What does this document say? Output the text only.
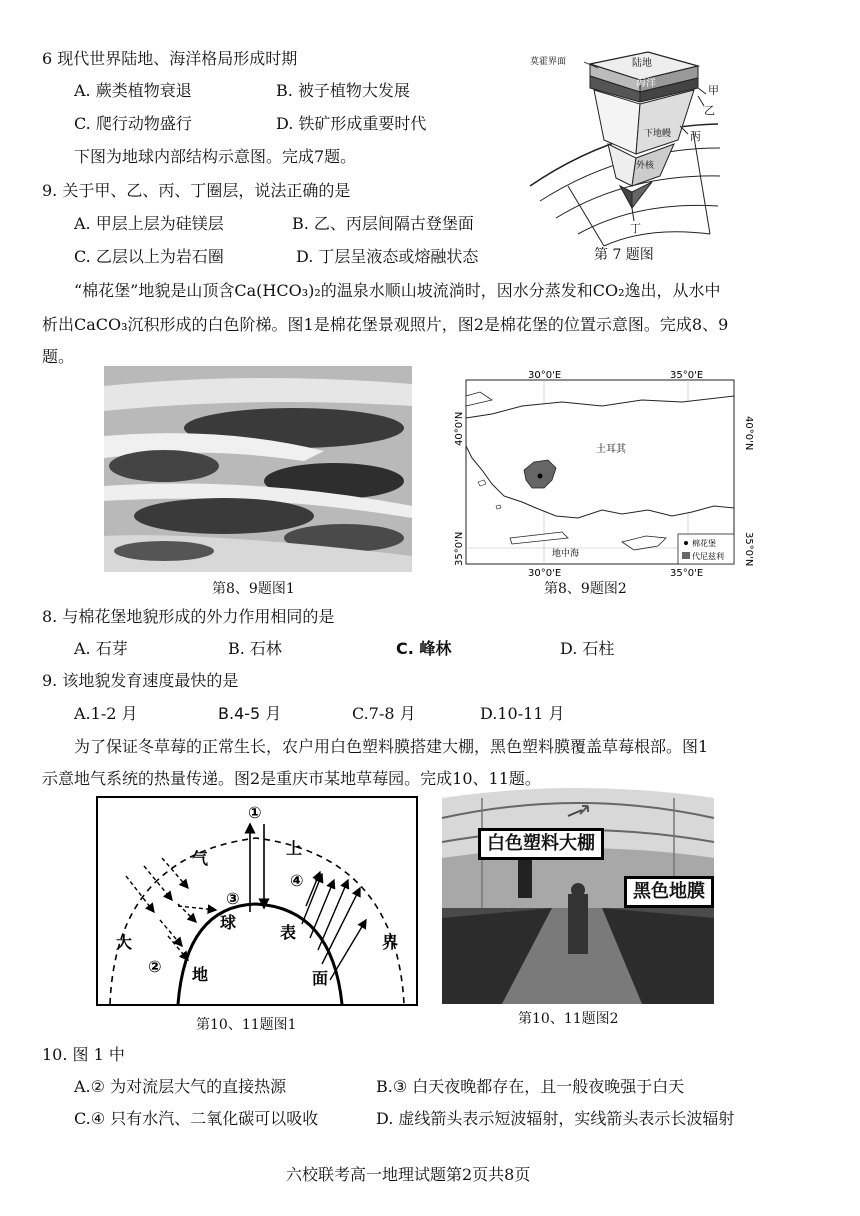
6 现代世界陆地、海洋格局形成时期
A. 蕨类植物衰退	B. 被子植物大发展
C. 爬行动物盛行	D. 铁矿形成重要时代
下图为地球内部结构示意图。完成7题。
9. 关于甲、乙、丙、丁圈层，说法正确的是
A. 甲层上层为硅镁层	B. 乙、丙层间隔古登堡面
C. 乙层以上为岩石圈	D. 丁层呈液态或熔融状态
莫霍界面	陆地
海洋
甲
乙
下地幔 丙
外核
丁
第 7 题图
“棉花堡”地貌是山顶含Ca(HCO₃)₂的温泉水顺山坡流淌时，因水分蒸发和CO₂逸出，从水中
析出CaCO₃沉积形成的白色阶梯。图1是棉花堡景观照片，图2是棉花堡的位置示意图。完成8、9
题。
第8、9题图1
棉花堡
代尼兹利
30°0'E	35°0'E
30°0'E	35°0'E
40°0'N
35°0'N
40°0'N
35°0'N
土耳其
地中海
第8、9题图2
8. 与棉花堡地貌形成的外力作用相同的是
A. 石芽	B. 石林	C. 峰林	D. 石柱
9. 该地貌发育速度最快的是
A.1-2 月	B.4-5 月	C.7-8 月	D.10-11 月
为了保证冬草莓的正常生长，农户用白色塑料膜搭建大棚，黑色塑料膜覆盖草莓根部。图1
示意地气系统的热量传递。图2是重庆市某地草莓园。完成10、11题。
①
③
④
②
气
上
大	界
球
表
地	面
第10、11题图1
白色塑料大棚
黑色地膜
第10、11题图2
10. 图 1 中
A.② 为对流层大气的直接热源	B.③ 白天夜晚都存在，且一般夜晚强于白天
C.④ 只有水汽、二氧化碳可以吸收	D. 虚线箭头表示短波辐射，实线箭头表示长波辐射
六校联考高一地理试题第2页共8页
